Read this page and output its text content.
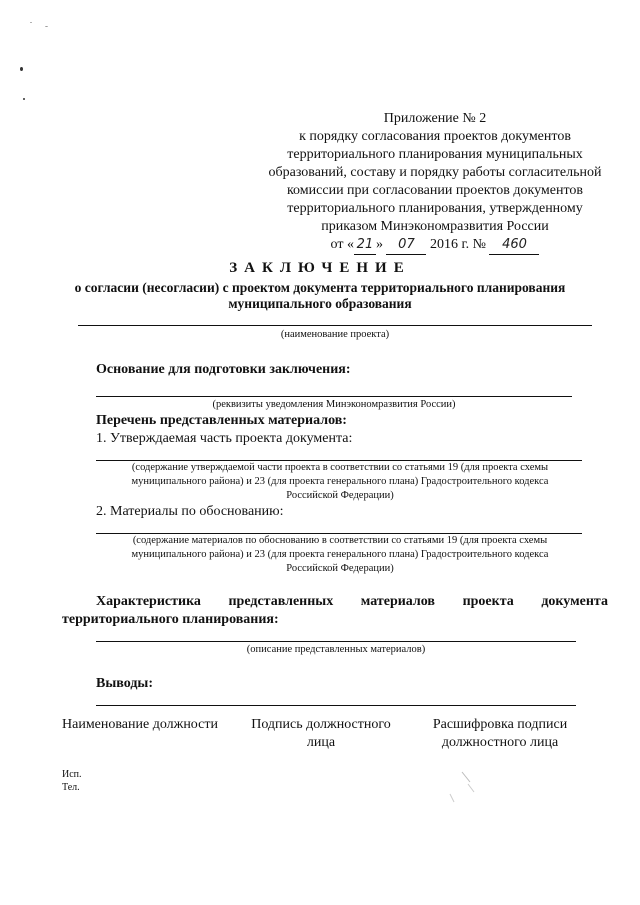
Приложение № 2
к порядку согласования проектов документов
территориального планирования муниципальных
образований, составу и порядку работы согласительной
комиссии при согласовании проектов документов
территориального планирования, утвержденному
приказом Минэкономразвития России
от « 21 » 07 2016 г. № 460
ЗАКЛЮЧЕНИЕ
о согласии (несогласии) с проектом документа территориального планирования
муниципального образования
(наименование проекта)
Основание для подготовки заключения:
(реквизиты уведомления Минэкономразвития России)
Перечень представленных материалов:
1. Утверждаемая часть проекта документа:
(содержание утверждаемой части проекта в соответствии со статьями 19 (для проекта схемы
муниципального района) и 23 (для проекта генерального плана) Градостроительного кодекса
Российской Федерации)
2. Материалы по обоснованию:
(содержание материалов по обоснованию в соответствии со статьями 19 (для проекта схемы
муниципального района) и 23 (для проекта генерального плана) Градостроительного кодекса
Российской Федерации)
Характеристика представленных материалов проекта документа
территориального планирования:
(описание представленных материалов)
Выводы:
Наименование должности	Подпись должностного
лица
Расшифровка подписи
должностного лица
Исп.
Тел.
